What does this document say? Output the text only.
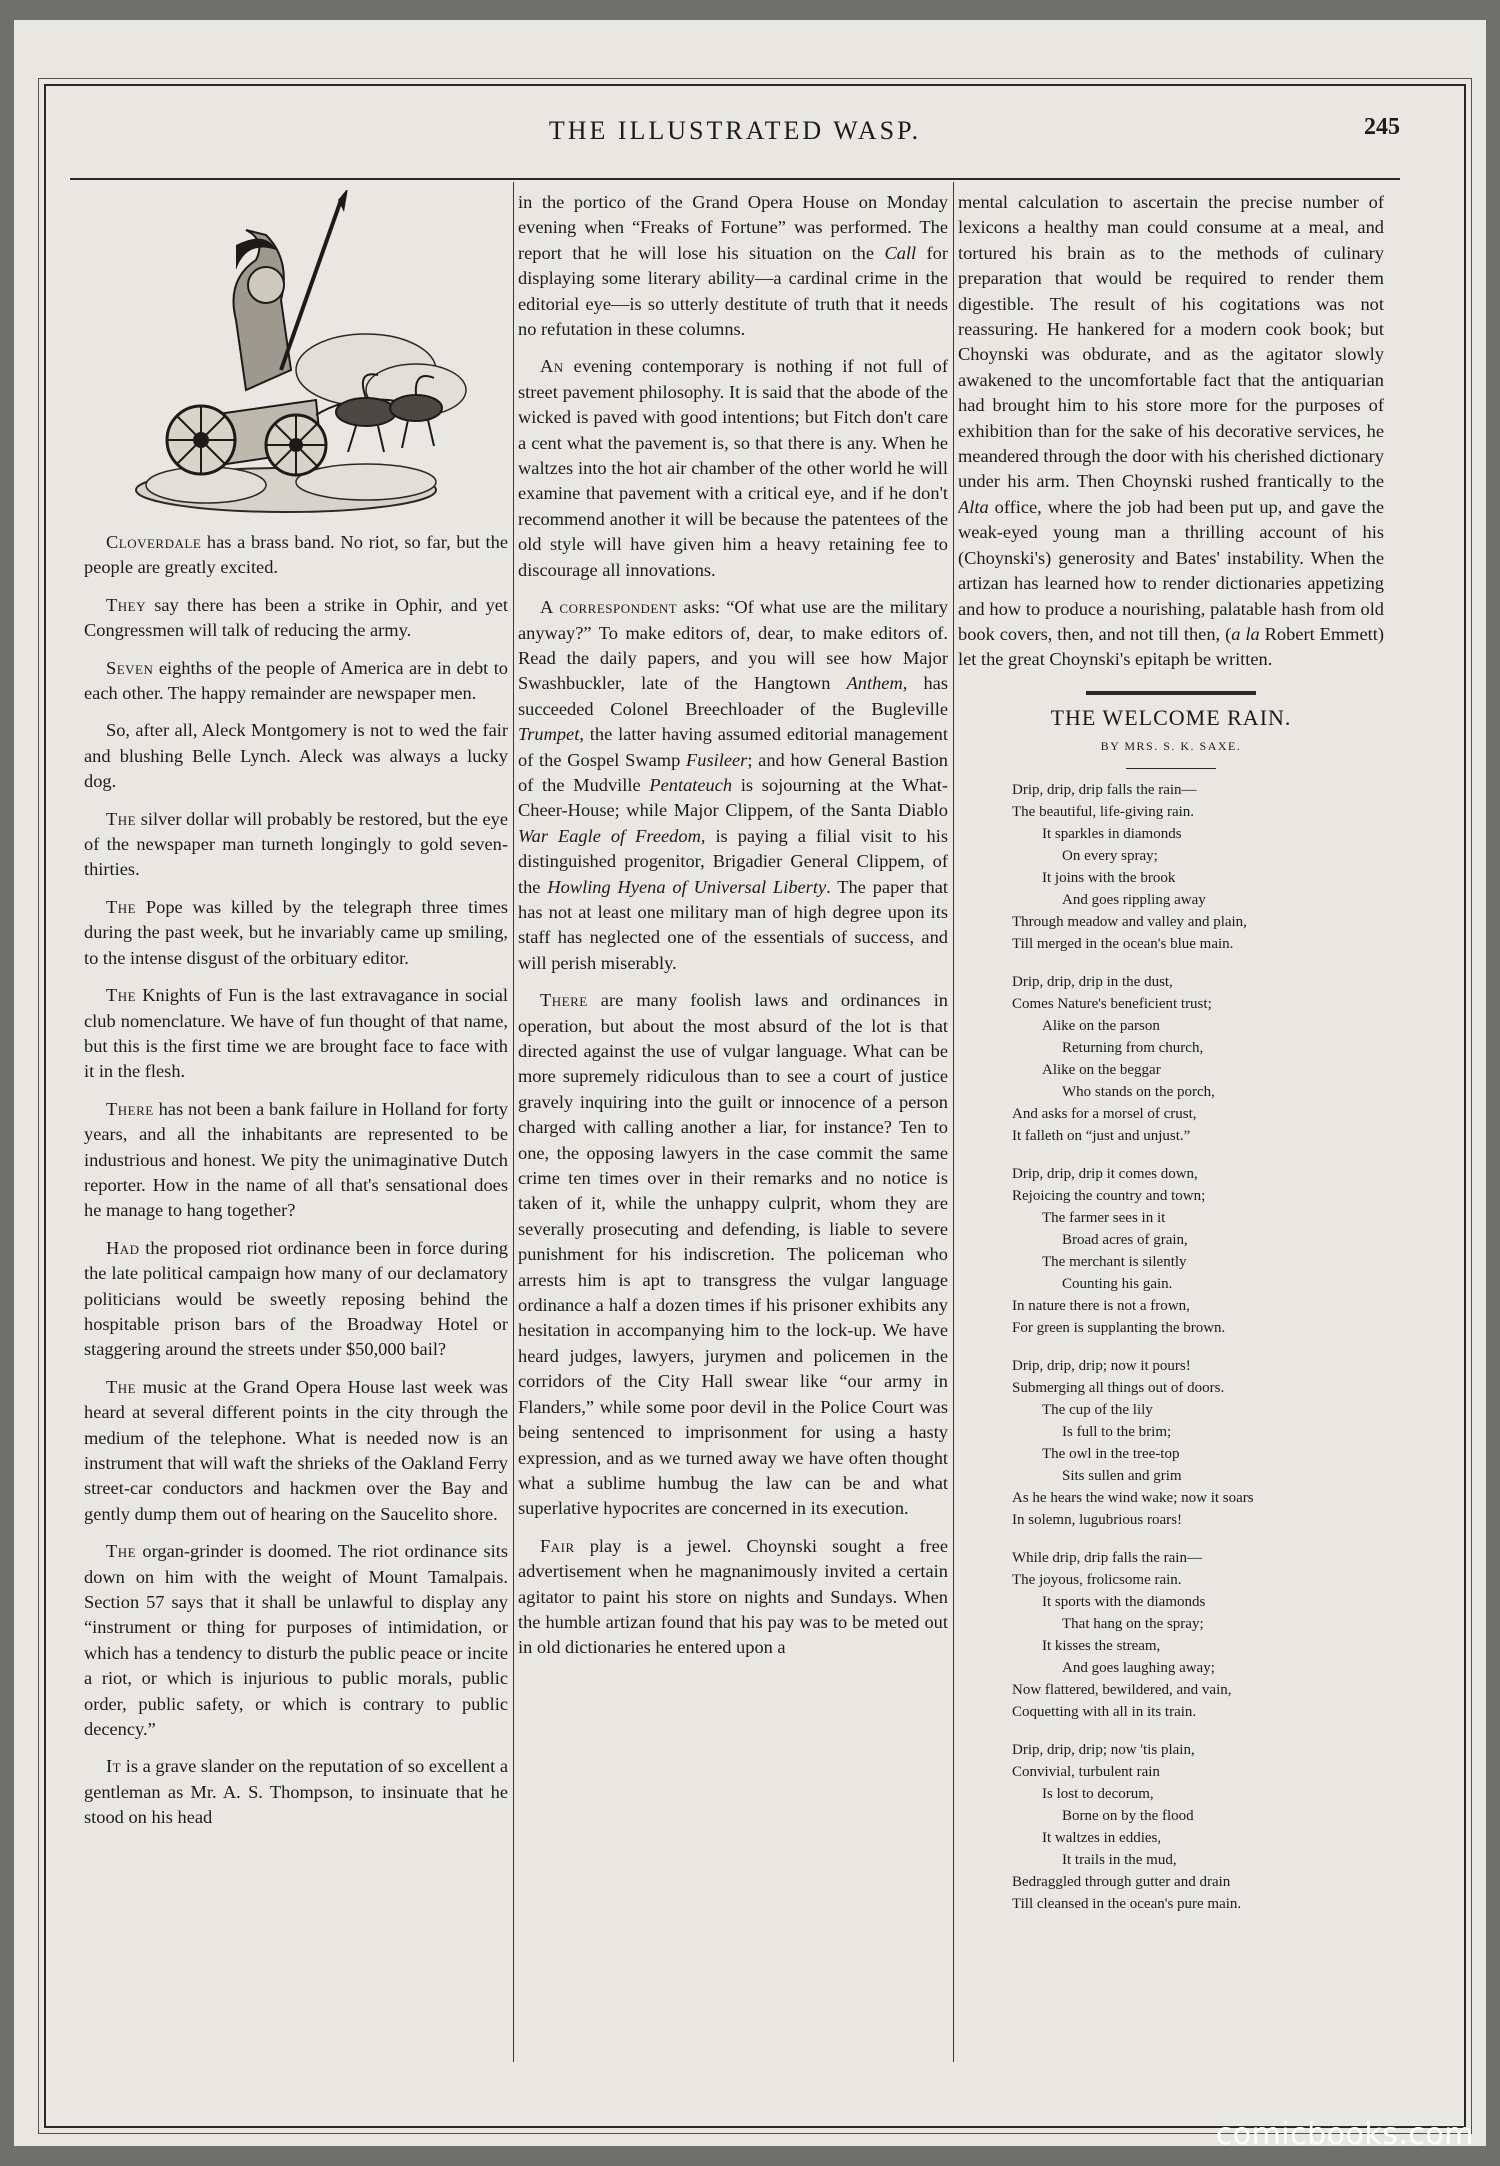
THE ILLUSTRATED WASP.	245

Cloverdale has a brass band. No riot, so far, but the people are greatly excited.

They say there has been a strike in Ophir, and yet Congressmen will talk of reducing the army.

Seven eighths of the people of America are in debt to each other. The happy remainder are newspaper men.

So, after all, Aleck Montgomery is not to wed the fair and blushing Belle Lynch. Aleck was always a lucky dog.

The silver dollar will probably be restored, but the eye of the newspaper man turneth longingly to gold seven-thirties.

The Pope was killed by the telegraph three times during the past week, but he invariably came up smiling, to the intense disgust of the orbituary editor.

The Knights of Fun is the last extravagance in social club nomenclature. We have of fun thought of that name, but this is the first time we are brought face to face with it in the flesh.

There has not been a bank failure in Holland for forty years, and all the inhabitants are represented to be industrious and honest. We pity the unimaginative Dutch reporter. How in the name of all that's sensational does he manage to hang together?

Had the proposed riot ordinance been in force during the late political campaign how many of our declamatory politicians would be sweetly reposing behind the hospitable prison bars of the Broadway Hotel or staggering around the streets under $50,000 bail?

The music at the Grand Opera House last week was heard at several different points in the city through the medium of the telephone. What is needed now is an instrument that will waft the shrieks of the Oakland Ferry street-car conductors and hackmen over the Bay and gently dump them out of hearing on the Saucelito shore.

The organ-grinder is doomed. The riot ordinance sits down on him with the weight of Mount Tamalpais. Section 57 says that it shall be unlawful to display any “instrument or thing for purposes of intimidation, or which has a tendency to disturb the public peace or incite a riot, or which is injurious to public morals, public order, public safety, or which is contrary to public decency.”

It is a grave slander on the reputation of so excellent a gentleman as Mr. A. S. Thompson, to insinuate that he stood on his head

in the portico of the Grand Opera House on Monday evening when “Freaks of Fortune” was performed. The report that he will lose his situation on the Call for displaying some literary ability—a cardinal crime in the editorial eye—is so utterly destitute of truth that it needs no refutation in these columns.

An evening contemporary is nothing if not full of street pavement philosophy. It is said that the abode of the wicked is paved with good intentions; but Fitch don't care a cent what the pavement is, so that there is any. When he waltzes into the hot air chamber of the other world he will examine that pavement with a critical eye, and if he don't recommend another it will be because the patentees of the old style will have given him a heavy retaining fee to discourage all innovations.

A correspondent asks: “Of what use are the military anyway?” To make editors of, dear, to make editors of. Read the daily papers, and you will see how Major Swashbuckler, late of the Hangtown Anthem, has succeeded Colonel Breechloader of the Bugleville Trumpet, the latter having assumed editorial management of the Gospel Swamp Fusileer; and how General Bastion of the Mudville Pentateuch is sojourning at the What-Cheer-House; while Major Clippem, of the Santa Diablo War Eagle of Freedom, is paying a filial visit to his distinguished progenitor, Brigadier General Clippem, of the Howling Hyena of Universal Liberty. The paper that has not at least one military man of high degree upon its staff has neglected one of the essentials of success, and will perish miserably.

There are many foolish laws and ordinances in operation, but about the most absurd of the lot is that directed against the use of vulgar language. What can be more supremely ridiculous than to see a court of justice gravely inquiring into the guilt or innocence of a person charged with calling another a liar, for instance? Ten to one, the opposing lawyers in the case commit the same crime ten times over in their remarks and no notice is taken of it, while the unhappy culprit, whom they are severally prosecuting and defending, is liable to severe punishment for his indiscretion. The policeman who arrests him is apt to transgress the vulgar language ordinance a half a dozen times if his prisoner exhibits any hesitation in accompanying him to the lock-up. We have heard judges, lawyers, jurymen and policemen in the corridors of the City Hall swear like “our army in Flanders,” while some poor devil in the Police Court was being sentenced to imprisonment for using a hasty expression, and as we turned away we have often thought what a sublime humbug the law can be and what superlative hypocrites are concerned in its execution.

Fair play is a jewel. Choynski sought a free advertisement when he magnanimously invited a certain agitator to paint his store on nights and Sundays. When the humble artizan found that his pay was to be meted out in old dictionaries he entered upon a

mental calculation to ascertain the precise number of lexicons a healthy man could consume at a meal, and tortured his brain as to the methods of culinary preparation that would be required to render them digestible. The result of his cogitations was not reassuring. He hankered for a modern cook book; but Choynski was obdurate, and as the agitator slowly awakened to the uncomfortable fact that the antiquarian had brought him to his store more for the purposes of exhibition than for the sake of his decorative services, he meandered through the door with his cherished dictionary under his arm. Then Choynski rushed frantically to the Alta office, where the job had been put up, and gave the weak-eyed young man a thrilling account of his (Choynski's) generosity and Bates' instability. When the artizan has learned how to render dictionaries appetizing and how to produce a nourishing, palatable hash from old book covers, then, and not till then, (a la Robert Emmett) let the great Choynski's epitaph be written.

THE WELCOME RAIN.
BY MRS. S. K. SAXE.
Drip, drip, drip falls the rain—
The beautiful, life-giving rain.
It sparkles in diamonds
On every spray;
It joins with the brook
And goes rippling away
Through meadow and valley and plain,
Till merged in the ocean's blue main.
Drip, drip, drip in the dust,
Comes Nature's beneficient trust;
Alike on the parson
Returning from church,
Alike on the beggar
Who stands on the porch,
And asks for a morsel of crust,
It falleth on “just and unjust.”
Drip, drip, drip it comes down,
Rejoicing the country and town;
The farmer sees in it
Broad acres of grain,
The merchant is silently
Counting his gain.
In nature there is not a frown,
For green is supplanting the brown.
Drip, drip, drip; now it pours!
Submerging all things out of doors.
The cup of the lily
Is full to the brim;
The owl in the tree-top
Sits sullen and grim
As he hears the wind wake; now it soars
In solemn, lugubrious roars!
While drip, drip falls the rain—
The joyous, frolicsome rain.
It sports with the diamonds
That hang on the spray;
It kisses the stream,
And goes laughing away;
Now flattered, bewildered, and vain,
Coquetting with all in its train.
Drip, drip, drip; now 'tis plain,
Convivial, turbulent rain
Is lost to decorum,
Borne on by the flood
It waltzes in eddies,
It trails in the mud,
Bedraggled through gutter and drain
Till cleansed in the ocean's pure main.
comicbooks.com
